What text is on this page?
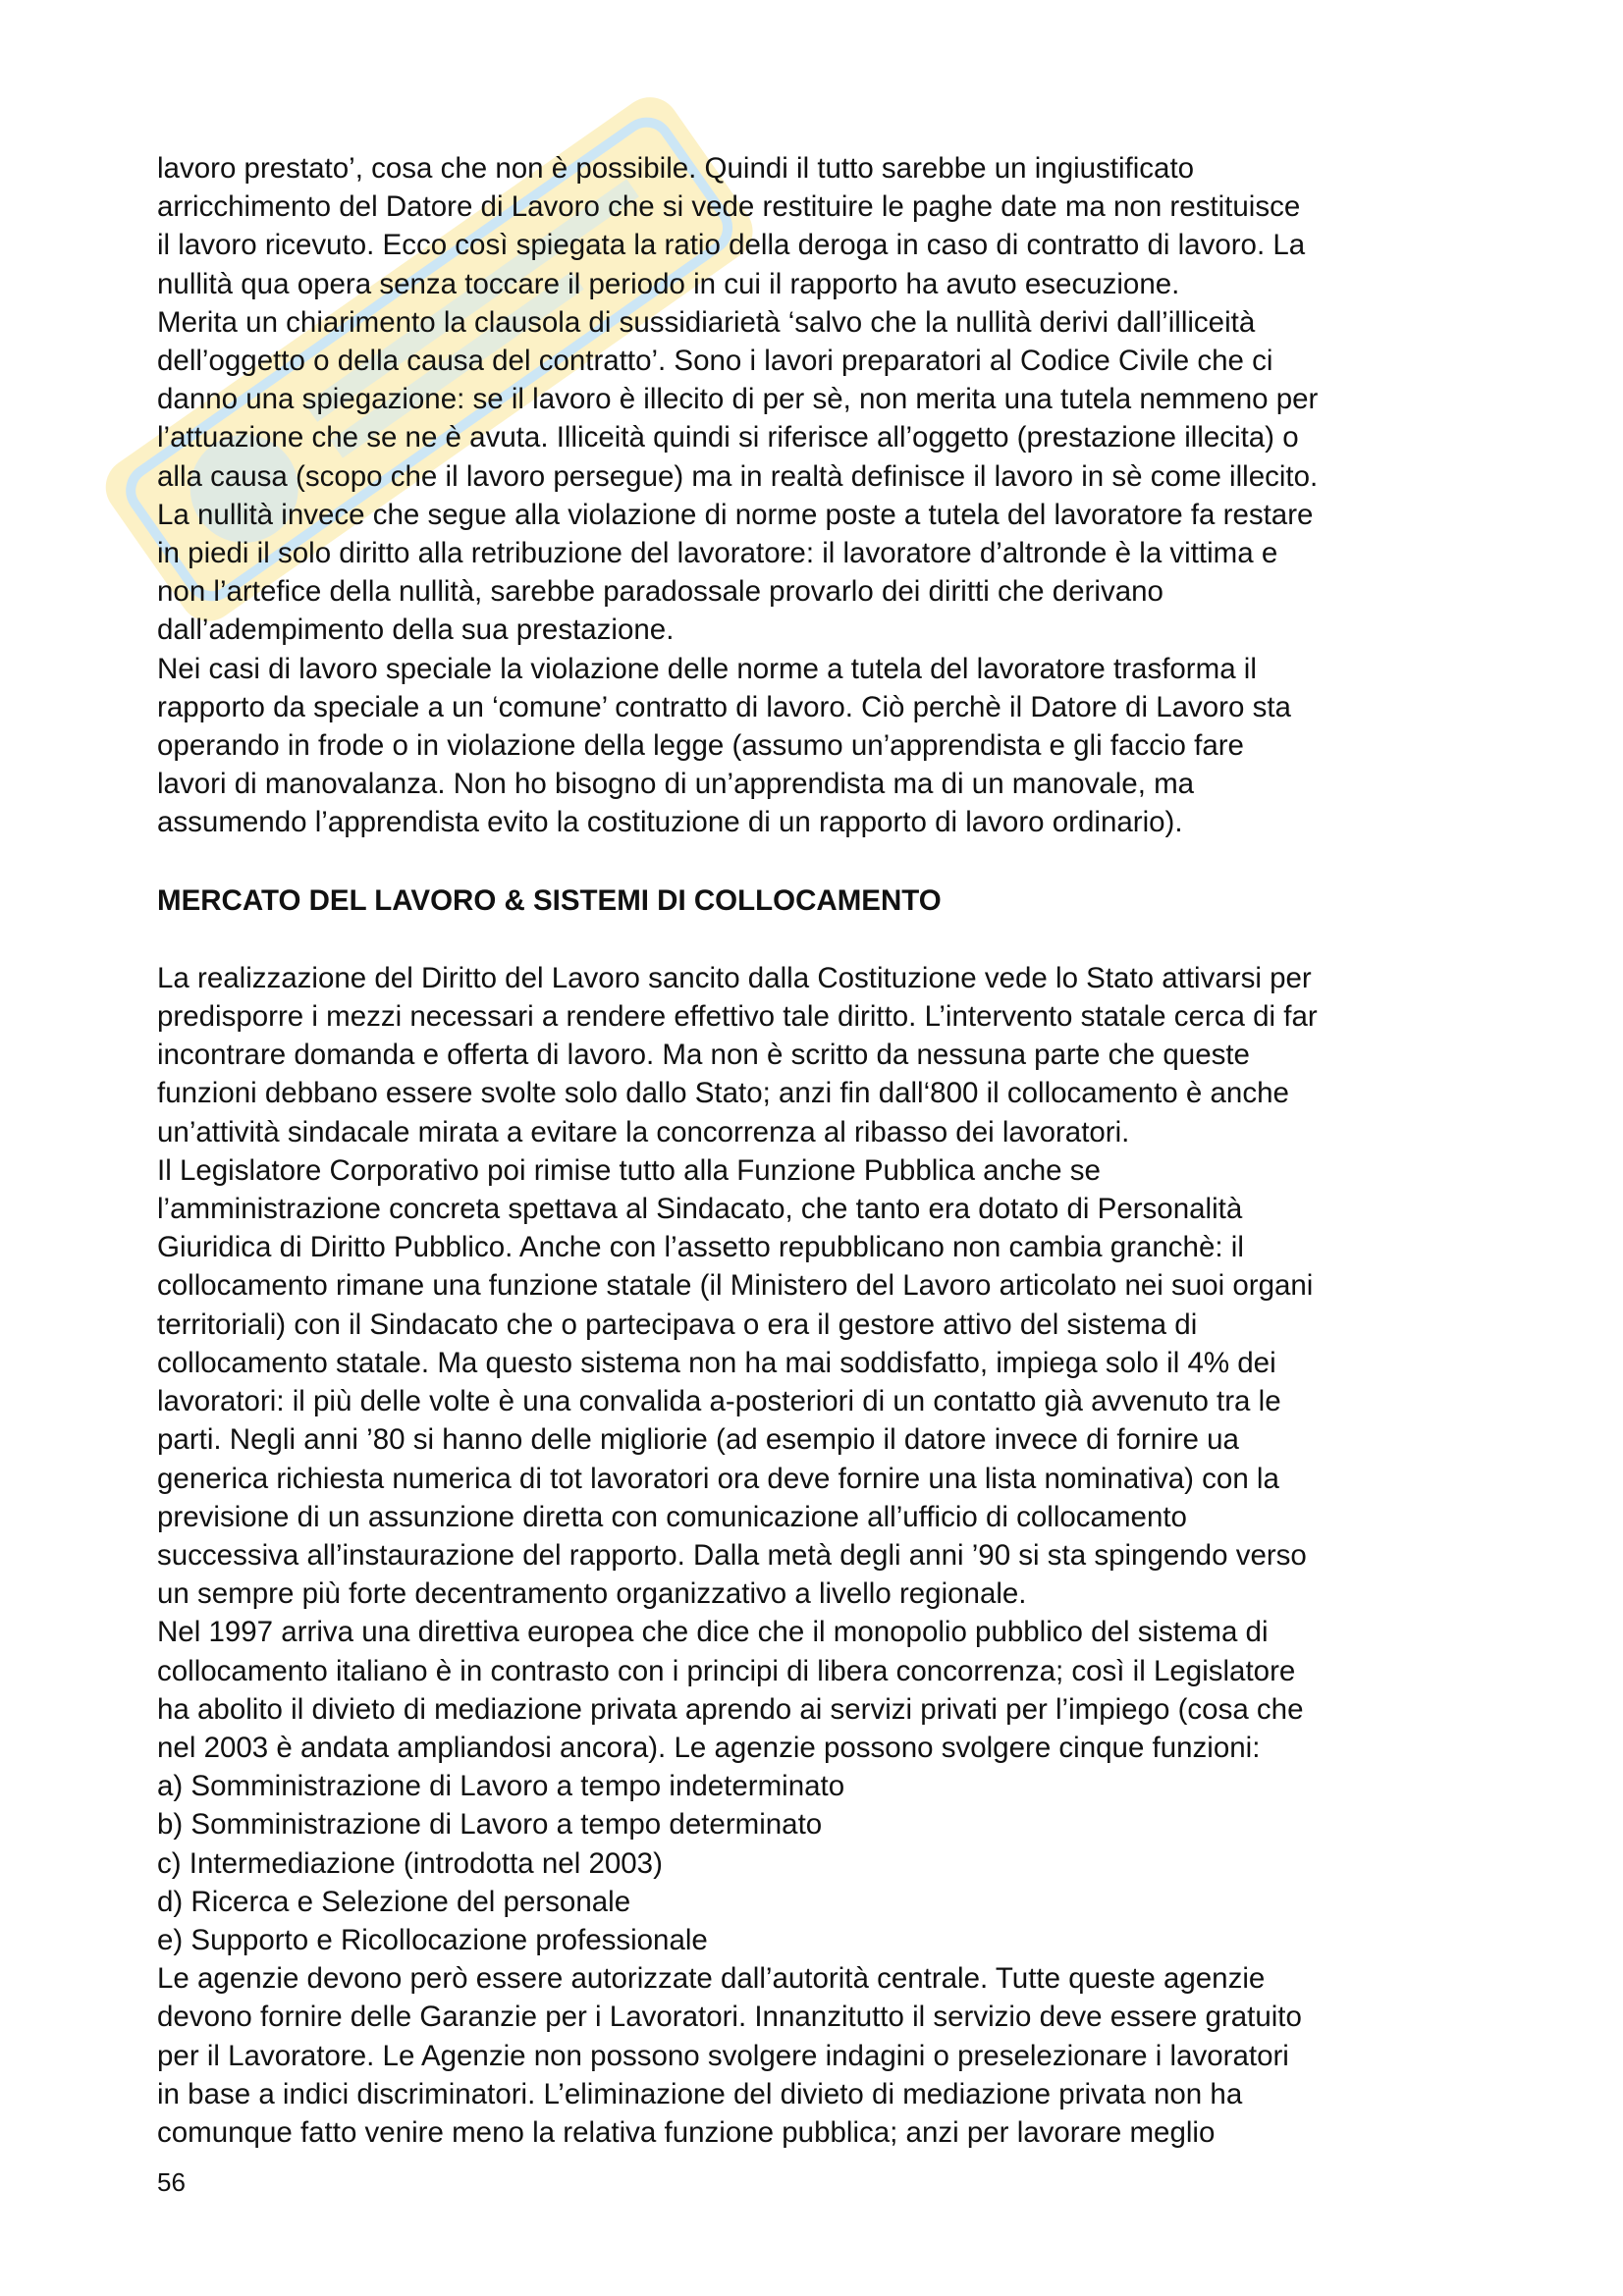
lavoro prestato’, cosa che non è possibile. Quindi il tutto sarebbe un ingiustificato
arricchimento del Datore di Lavoro che si vede restituire le paghe date ma non restituisce
il lavoro ricevuto. Ecco così spiegata la ratio della deroga in caso di contratto di lavoro. La
nullità qua opera senza toccare il periodo in cui il rapporto ha avuto esecuzione.
Merita un chiarimento la clausola di sussidiarietà ‘salvo che la nullità derivi dall’illiceità
dell’oggetto o della causa del contratto’. Sono i lavori preparatori al Codice Civile che ci
danno una spiegazione: se il lavoro è illecito di per sè, non merita una tutela nemmeno per
l’attuazione che se ne è avuta. Illiceità quindi si riferisce all’oggetto (prestazione illecita) o
alla causa (scopo che il lavoro persegue) ma in realtà definisce il lavoro in sè come illecito.
La nullità invece che segue alla violazione di norme poste a tutela del lavoratore fa restare
in piedi il solo diritto alla retribuzione del lavoratore: il lavoratore d’altronde è la vittima e
non l’artefice della nullità, sarebbe paradossale provarlo dei diritti che derivano
dall’adempimento della sua prestazione.
Nei casi di lavoro speciale la violazione delle norme a tutela del lavoratore trasforma il
rapporto da speciale a un ‘comune’ contratto di lavoro. Ciò perchè il Datore di Lavoro sta
operando in frode o in violazione della legge (assumo un’apprendista e gli faccio fare
lavori di manovalanza. Non ho bisogno di un’apprendista ma di un manovale, ma
assumendo l’apprendista evito la costituzione di un rapporto di lavoro ordinario).
MERCATO DEL LAVORO & SISTEMI DI COLLOCAMENTO
La realizzazione del Diritto del Lavoro sancito dalla Costituzione vede lo Stato attivarsi per
predisporre i mezzi necessari a rendere effettivo tale diritto. L’intervento statale cerca di far
incontrare domanda e offerta di lavoro. Ma non è scritto da nessuna parte che queste
funzioni debbano essere svolte solo dallo Stato; anzi fin dall‘800 il collocamento è anche
un’attività sindacale mirata a evitare la concorrenza al ribasso dei lavoratori.
Il Legislatore Corporativo poi rimise tutto alla Funzione Pubblica anche se
l’amministrazione concreta spettava al Sindacato, che tanto era dotato di Personalità
Giuridica di Diritto Pubblico. Anche con l’assetto repubblicano non cambia granchè: il
collocamento rimane una funzione statale (il Ministero del Lavoro articolato nei suoi organi
territoriali) con il Sindacato che o partecipava o era il gestore attivo del sistema di
collocamento statale. Ma questo sistema non ha mai soddisfatto, impiega solo il 4% dei
lavoratori: il più delle volte è una convalida a-posteriori di un contatto già avvenuto tra le
parti. Negli anni ’80 si hanno delle migliorie (ad esempio il datore invece di fornire ua
generica richiesta numerica di tot lavoratori ora deve fornire una lista nominativa) con la
previsione di un assunzione diretta con comunicazione all’ufficio di collocamento
successiva all’instaurazione del rapporto. Dalla metà degli anni ’90 si sta spingendo verso
un sempre più forte decentramento organizzativo a livello regionale.
Nel 1997 arriva una direttiva europea che dice che il monopolio pubblico del sistema di
collocamento italiano è in contrasto con i principi di libera concorrenza; così il Legislatore
ha abolito il divieto di mediazione privata aprendo ai servizi privati per l’impiego (cosa che
nel 2003 è andata ampliandosi ancora). Le agenzie possono svolgere cinque funzioni:
a) Somministrazione di Lavoro a tempo indeterminato
b) Somministrazione di Lavoro a tempo determinato
c) Intermediazione (introdotta nel 2003)
d) Ricerca e Selezione del personale
e) Supporto e Ricollocazione professionale
Le agenzie devono però essere autorizzate dall’autorità centrale. Tutte queste agenzie
devono fornire delle Garanzie per i Lavoratori. Innanzitutto il servizio deve essere gratuito
per il Lavoratore. Le Agenzie non possono svolgere indagini o preselezionare i lavoratori
in base a indici discriminatori. L’eliminazione del divieto di mediazione privata non ha
comunque fatto venire meno la relativa funzione pubblica; anzi per lavorare meglio
56
